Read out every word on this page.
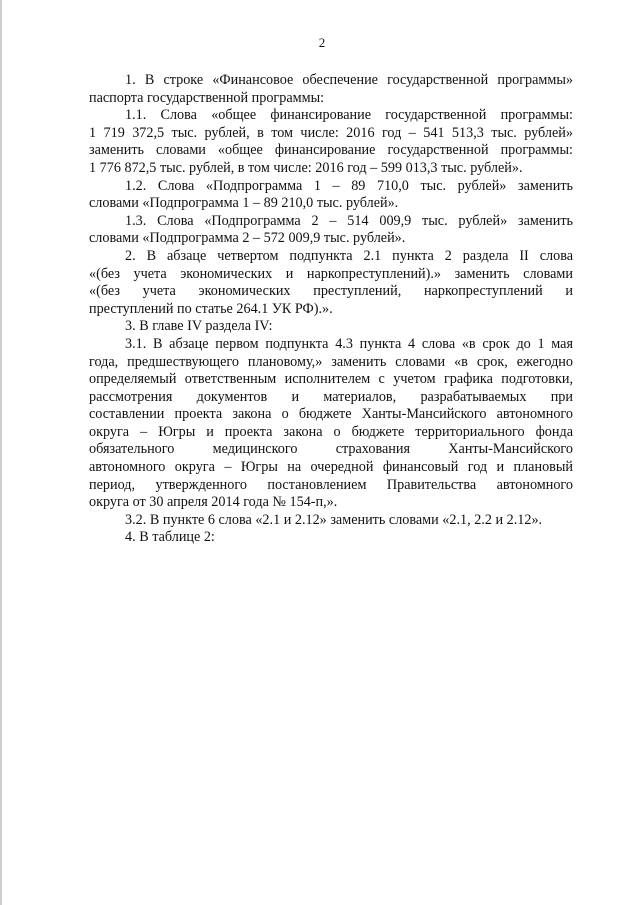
2
1. В строке «Финансовое обеспечение государственной программы»
паспорта государственной программы:
1.1. Слова «общее финансирование государственной программы:
1 719 372,5 тыс. рублей, в том числе: 2016 год – 541 513,3 тыс. рублей»
заменить словами «общее финансирование государственной программы:
1 776 872,5 тыс. рублей, в том числе: 2016 год – 599 013,3 тыс. рублей».
1.2. Слова «Подпрограмма 1 – 89 710,0 тыс. рублей» заменить
словами «Подпрограмма 1 – 89 210,0 тыс. рублей».
1.3. Слова «Подпрограмма 2 – 514 009,9 тыс. рублей» заменить
словами «Подпрограмма 2 – 572 009,9 тыс. рублей».
2. В абзаце четвертом подпункта 2.1 пункта 2 раздела II слова
«(без учета экономических и наркопреступлений).» заменить словами
«(без учета экономических преступлений, наркопреступлений и
преступлений по статье 264.1 УК РФ).».
3. В главе IV раздела IV:
3.1. В абзаце первом подпункта 4.3 пункта 4 слова «в срок до 1 мая
года, предшествующего плановому,» заменить словами «в срок, ежегодно
определяемый ответственным исполнителем с учетом графика подготовки,
рассмотрения документов и материалов, разрабатываемых при
составлении проекта закона о бюджете Ханты-Мансийского автономного
округа – Югры и проекта закона о бюджете территориального фонда
обязательного медицинского страхования Ханты-Мансийского
автономного округа – Югры на очередной финансовый год и плановый
период, утвержденного постановлением Правительства автономного
округа от 30 апреля 2014 года № 154-п,».
3.2. В пункте 6 слова «2.1 и 2.12» заменить словами «2.1, 2.2 и 2.12».
4. В таблице 2:
